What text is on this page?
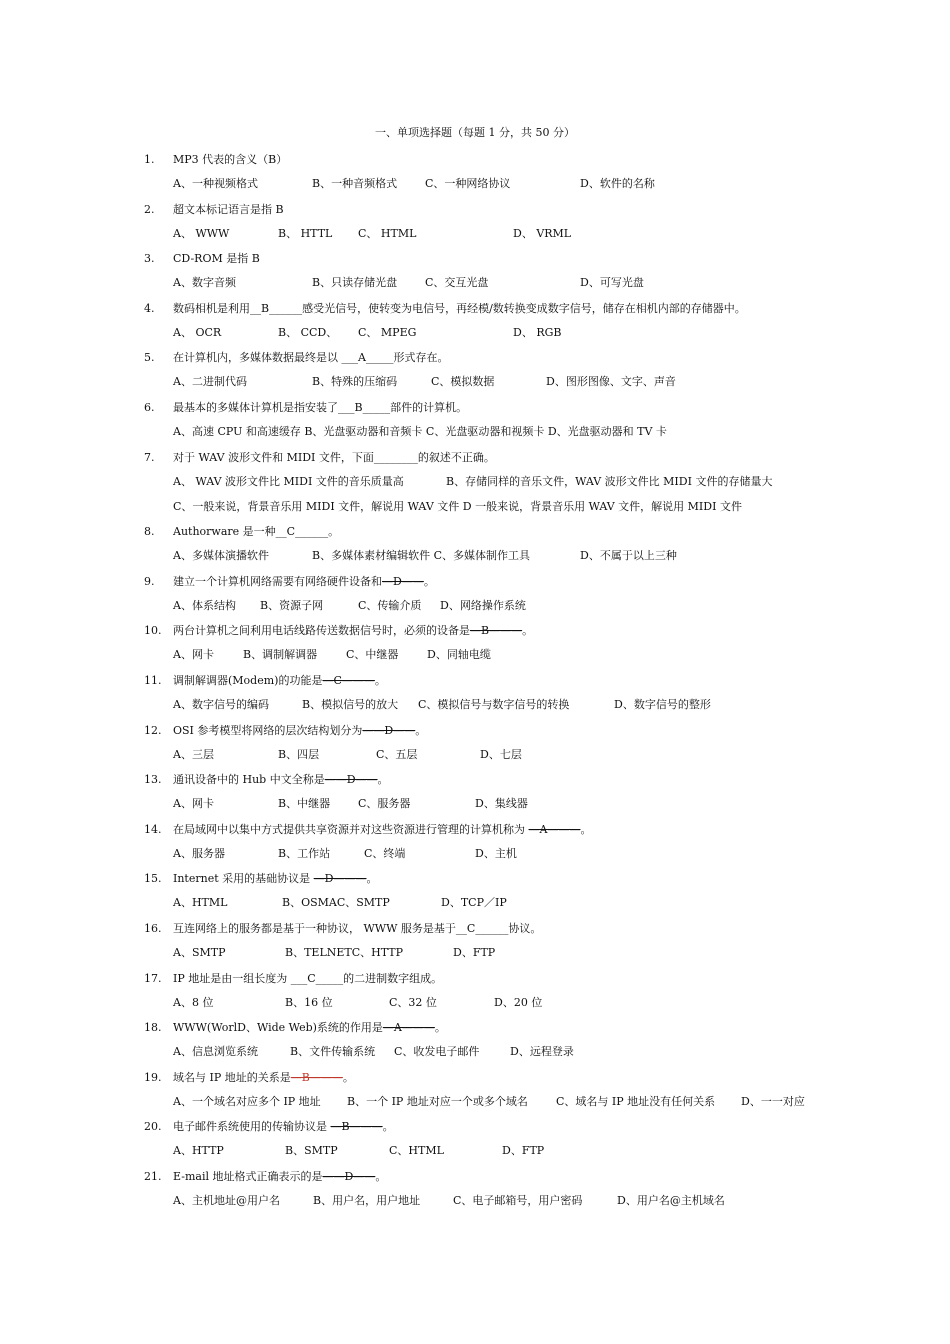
一、单项选择题（每题 1 分，共 50 分）
1. MP3 代表的含义（B）
A、一种视频格式	B、一种音频格式	C、一种网络协议	D、软件的名称
2. 超文本标记语言是指 B
A、 WWW	B、 HTTL C、 HTML	D、 VRML
3. CD-ROM 是指 B
A、数字音频	B、只读存储光盘	C、交互光盘	D、可写光盘
4. 数码相机是利用__B______感受光信号，使转变为电信号，再经模/数转换变成数字信号，储存在相机内部的存储器中。
A、 OCR	B、 CCD、 C、 MPEG	D、 RGB
5. 在计算机内，多媒体数据最终是以 ___A_____形式存在。
A、二进制代码	B、特殊的压缩码	C、模拟数据	D、图形图像、文字、声音
6. 最基本的多媒体计算机是指安装了___B_____部件的计算机。
A、高速 CPU 和高速缓存 B、光盘驱动器和音频卡 C、光盘驱动器和视频卡 D、光盘驱动器和 TV 卡
7. 对于 WAV 波形文件和 MIDI 文件，下面________的叙述不正确。
A、 WAV 波形文件比 MIDI 文件的音乐质量高	B、存储同样的音乐文件，WAV 波形文件比 MIDI 文件的存储量大
C、一般来说，背景音乐用 MIDI 文件，解说用 WAV 文件 D 一般来说，背景音乐用 WAV 文件，解说用 MIDI 文件
8. Authorware 是一种__C______。
A、多媒体演播软件	B、多媒体素材编辑软件 C、多媒体制作工具	D、不属于以上三种
9. 建立一个计算机网络需要有网络硬件设备和—D——。
A、体系结构 B、资源子网	C、传输介质 D、网络操作系统
10. 两台计算机之间利用电话线路传送数据信号时，必须的设备是—B———。
A、网卡	B、调制解调器	C、中继器	D、同轴电缆
11. 调制解调器(Modem)的功能是—C———。
A、数字信号的编码	B、模拟信号的放大 C、模拟信号与数字信号的转换	D、数字信号的整形
12. OSI 参考模型将网络的层次结构划分为——D——。
A、三层	B、四层	C、五层	D、七层
13. 通讯设备中的 Hub 中文全称是——D——。
A、网卡	B、中继器	C、服务器	D、集线器
14. 在局域网中以集中方式提供共享资源并对这些资源进行管理的计算机称为 —A———。
A、服务器	B、工作站	C、终端	D、主机
15. Internet 采用的基础协议是 —D———。
A、HTML	B、OSMAC、SMTP	D、TCP／IP
16. 互连网络上的服务都是基于一种协议， WWW 服务是基于__C______协议。
A、SMTP	B、TELNETC、HTTP	D、FTP
17. IP 地址是由一组长度为 ___C_____的二进制数字组成。
A、8 位	B、16 位	C、32 位	D、20 位
18. WWW(WorlD、Wide Web)系统的作用是—A———。
A、信息浏览系统	B、文件传输系统 C、收发电子邮件	D、远程登录
19. 域名与 IP 地址的关系是—B———。
A、一个域名对应多个 IP 地址 B、一个 IP 地址对应一个或多个域名	C、域名与 IP 地址没有任何关系 D、一一对应
20. 电子邮件系统使用的传输协议是 —B———。
A、HTTP	B、SMTP	C、HTML	D、FTP
21. E-mail 地址格式正确表示的是——D——。
A、主机地址@用户名	B、用户名，用户地址	C、电子邮箱号，用户密码	D、用户名@主机域名
